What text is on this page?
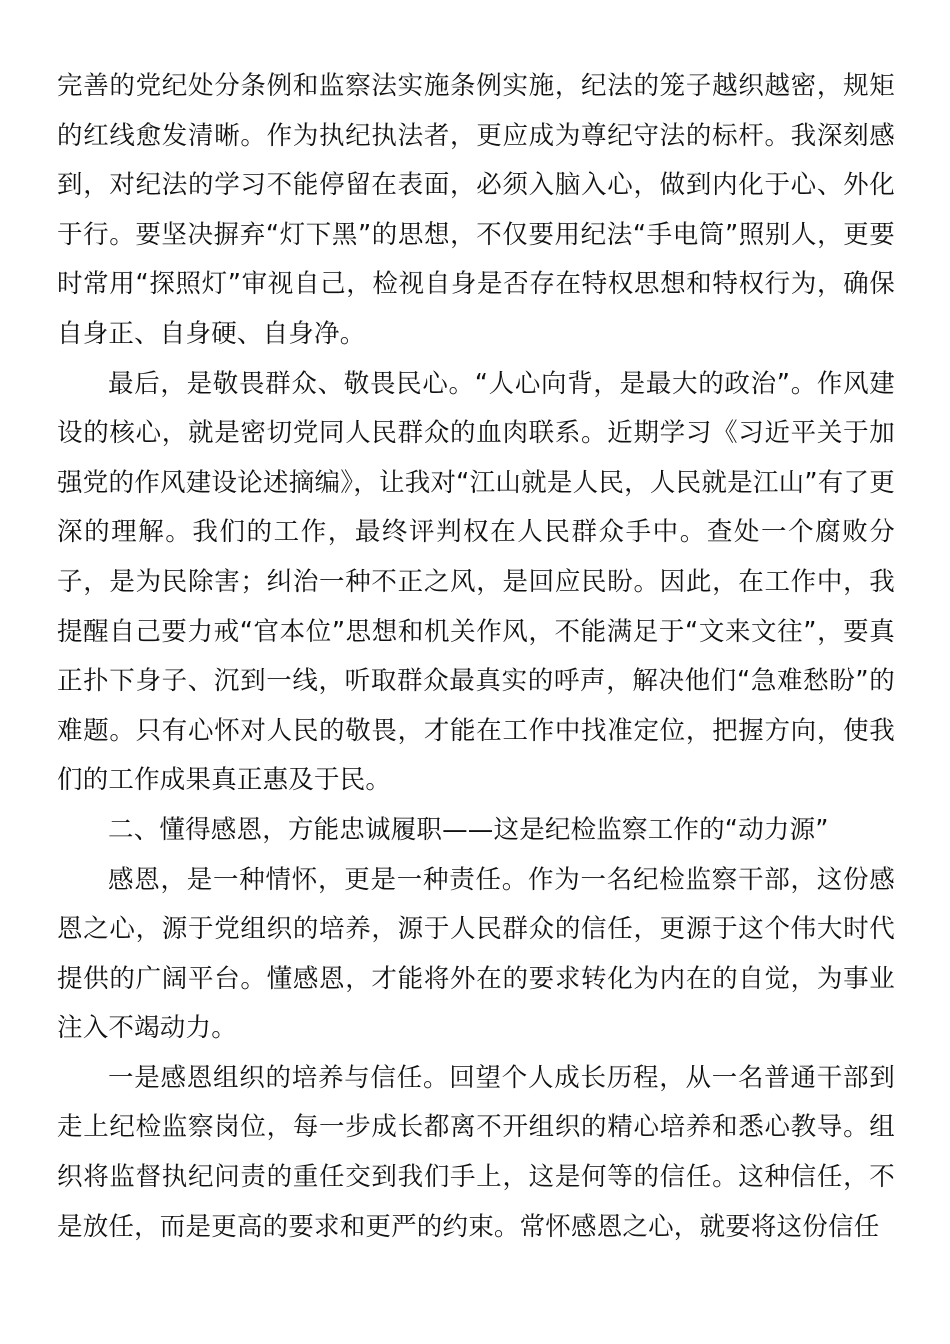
完善的党纪处分条例和监察法实施条例实施，纪法的笼子越织越密，规矩的红线愈发清晰。作为执纪执法者，更应成为尊纪守法的标杆。我深刻感到，对纪法的学习不能停留在表面，必须入脑入心，做到内化于心、外化于行。要坚决摒弃“灯下黑”的思想，不仅要用纪法“手电筒”照别人，更要时常用“探照灯”审视自己，检视自身是否存在特权思想和特权行为，确保自身正、自身硬、自身净。

最后，是敬畏群众、敬畏民心。“人心向背，是最大的政治”。作风建设的核心，就是密切党同人民群众的血肉联系。近期学习《习近平关于加强党的作风建设论述摘编》，让我对“江山就是人民，人民就是江山”有了更深的理解。我们的工作，最终评判权在人民群众手中。查处一个腐败分子，是为民除害；纠治一种不正之风，是回应民盼。因此，在工作中，我提醒自己要力戒“官本位”思想和机关作风，不能满足于“文来文往”，要真正扑下身子、沉到一线，听取群众最真实的呼声，解决他们“急难愁盼”的难题。只有心怀对人民的敬畏，才能在工作中找准定位，把握方向，使我们的工作成果真正惠及于民。

二、懂得感恩，方能忠诚履职——这是纪检监察工作的“动力源”

感恩，是一种情怀，更是一种责任。作为一名纪检监察干部，这份感恩之心，源于党组织的培养，源于人民群众的信任，更源于这个伟大时代提供的广阔平台。懂感恩，才能将外在的要求转化为内在的自觉，为事业注入不竭动力。

一是感恩组织的培养与信任。回望个人成长历程，从一名普通干部到走上纪检监察岗位，每一步成长都离不开组织的精心培养和悉心教导。组织将监督执纪问责的重任交到我们手上，这是何等的信任。这种信任，不是放任，而是更高的要求和更严的约束。常怀感恩之心，就要将这份信任
